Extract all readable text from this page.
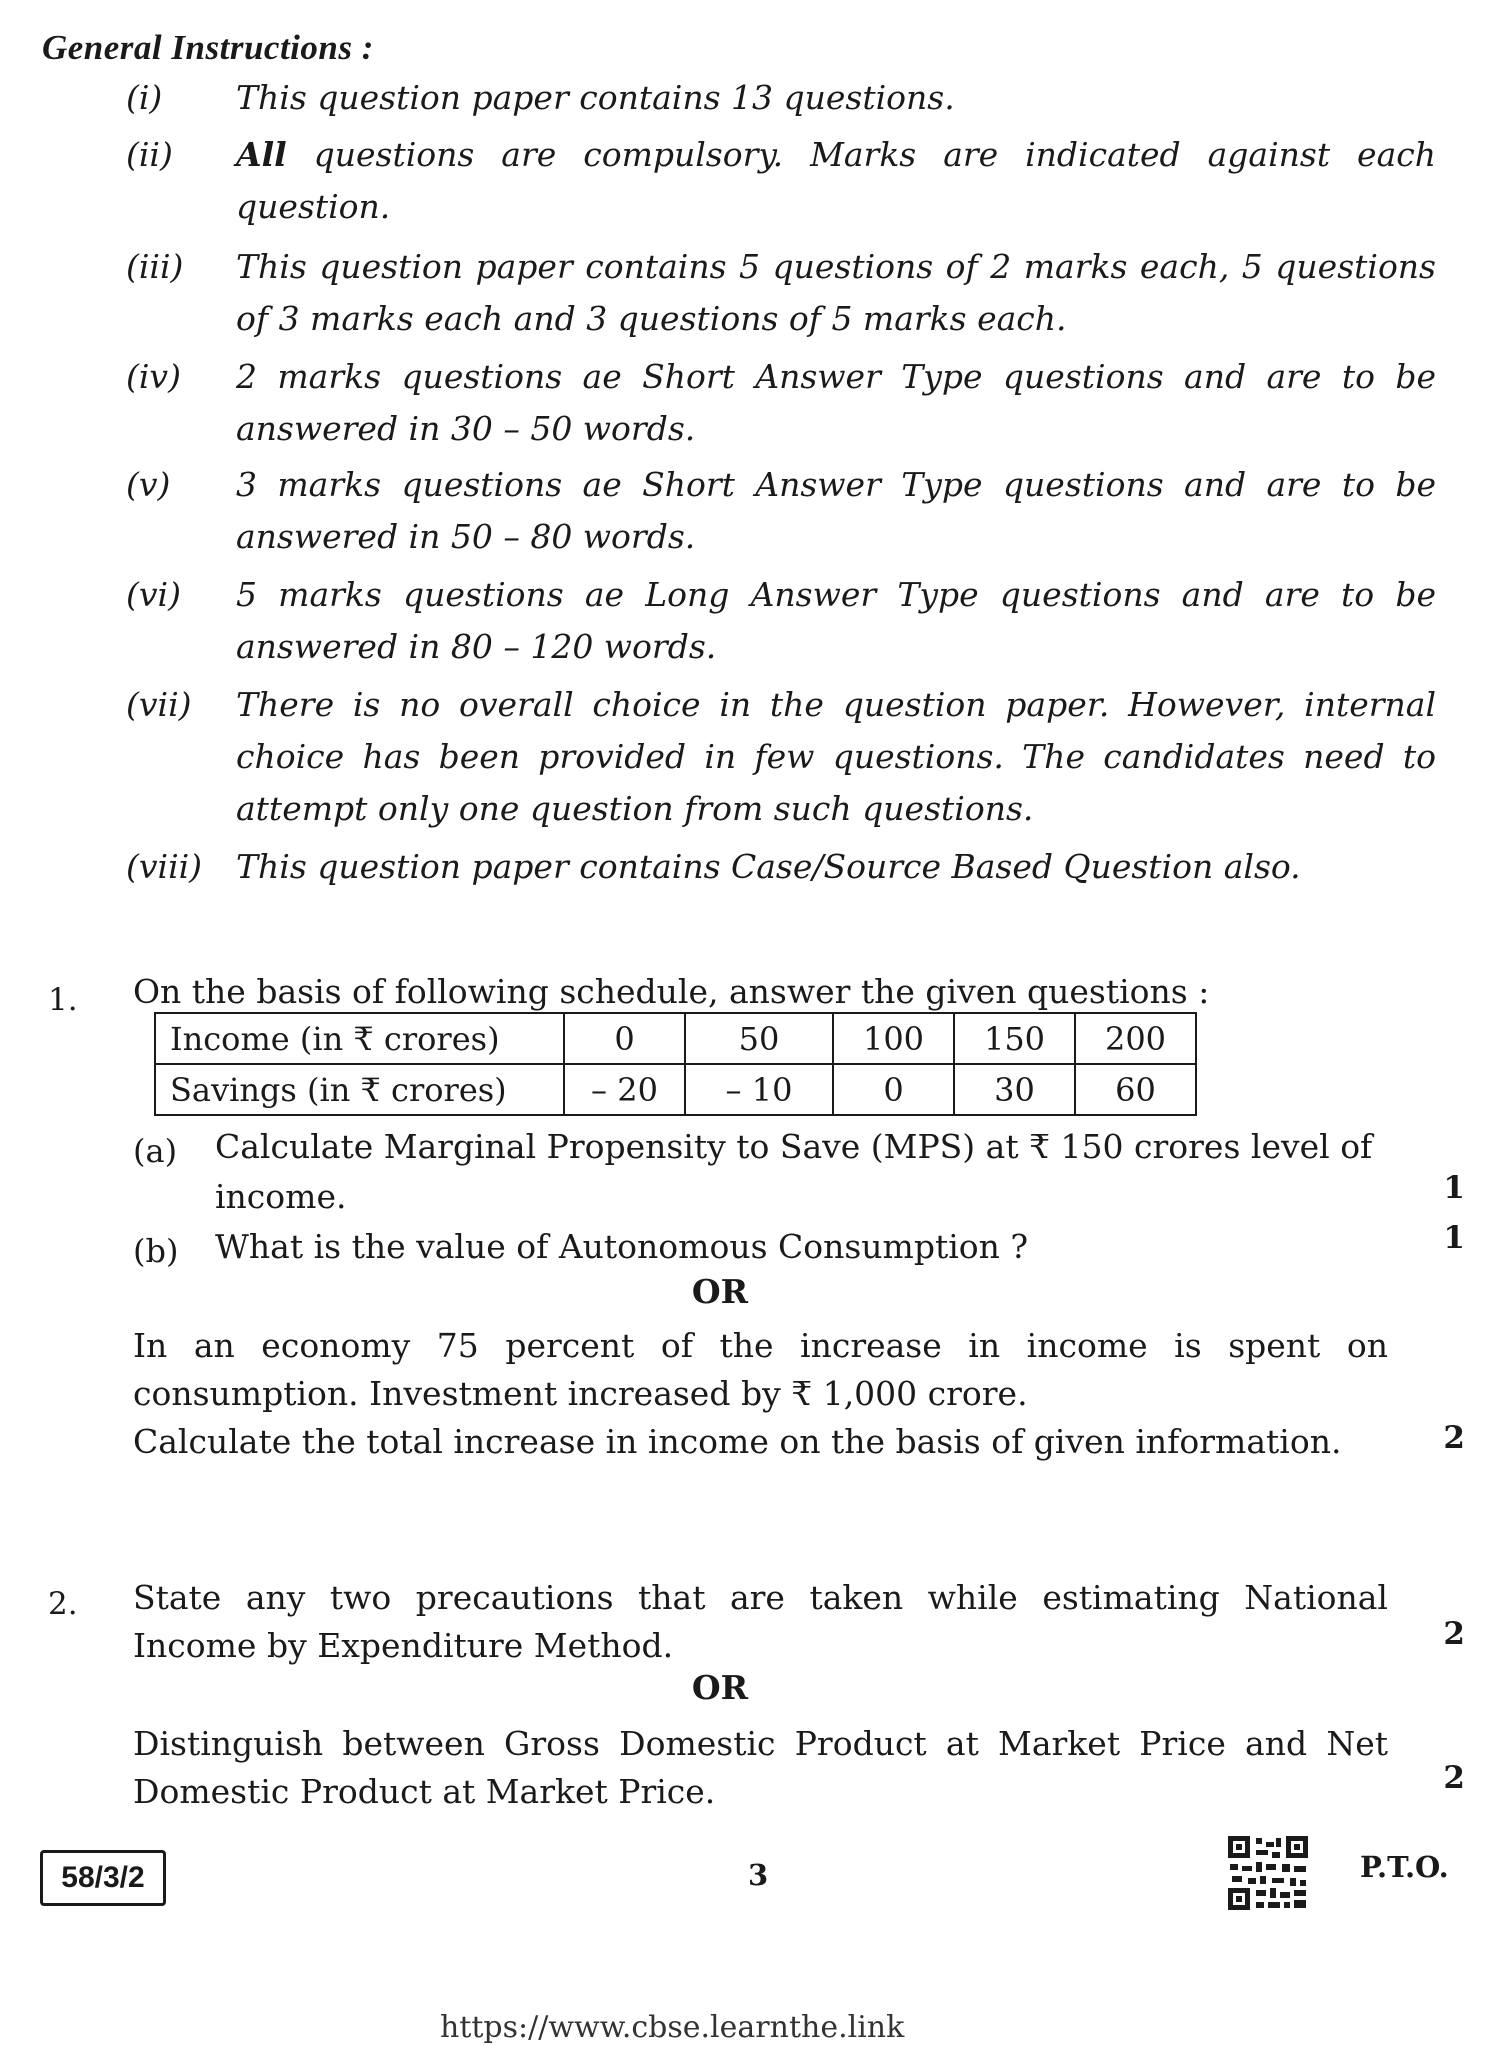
General Instructions :
(i) This question paper contains 13 questions.
(ii) All questions are compulsory. Marks are indicated against each question.
(iii) This question paper contains 5 questions of 2 marks each, 5 questions of 3 marks each and 3 questions of 5 marks each.
(iv) 2 marks questions ae Short Answer Type questions and are to be answered in 30 – 50 words.
(v) 3 marks questions ae Short Answer Type questions and are to be answered in 50 – 80 words.
(vi) 5 marks questions ae Long Answer Type questions and are to be answered in 80 – 120 words.
(vii) There is no overall choice in the question paper. However, internal choice has been provided in few questions. The candidates need to attempt only one question from such questions.
(viii) This question paper contains Case/Source Based Question also.
1. On the basis of following schedule, answer the given questions :
Income (in ₹ crores)	0	50	100	150	200
Savings (in ₹ crores)	– 20	– 10	0	30	60
(a) Calculate Marginal Propensity to Save (MPS) at ₹ 150 crores level of income.	1
(b) What is the value of Autonomous Consumption ?	1
OR
In an economy 75 percent of the increase in income is spent on consumption. Investment increased by ₹ 1,000 crore.
Calculate the total increase in income on the basis of given information.	2
2. State any two precautions that are taken while estimating National Income by Expenditure Method.	2
OR
Distinguish between Gross Domestic Product at Market Price and Net Domestic Product at Market Price.	2
58/3/2	3	P.T.O.
https://www.cbse.learnthe.link
